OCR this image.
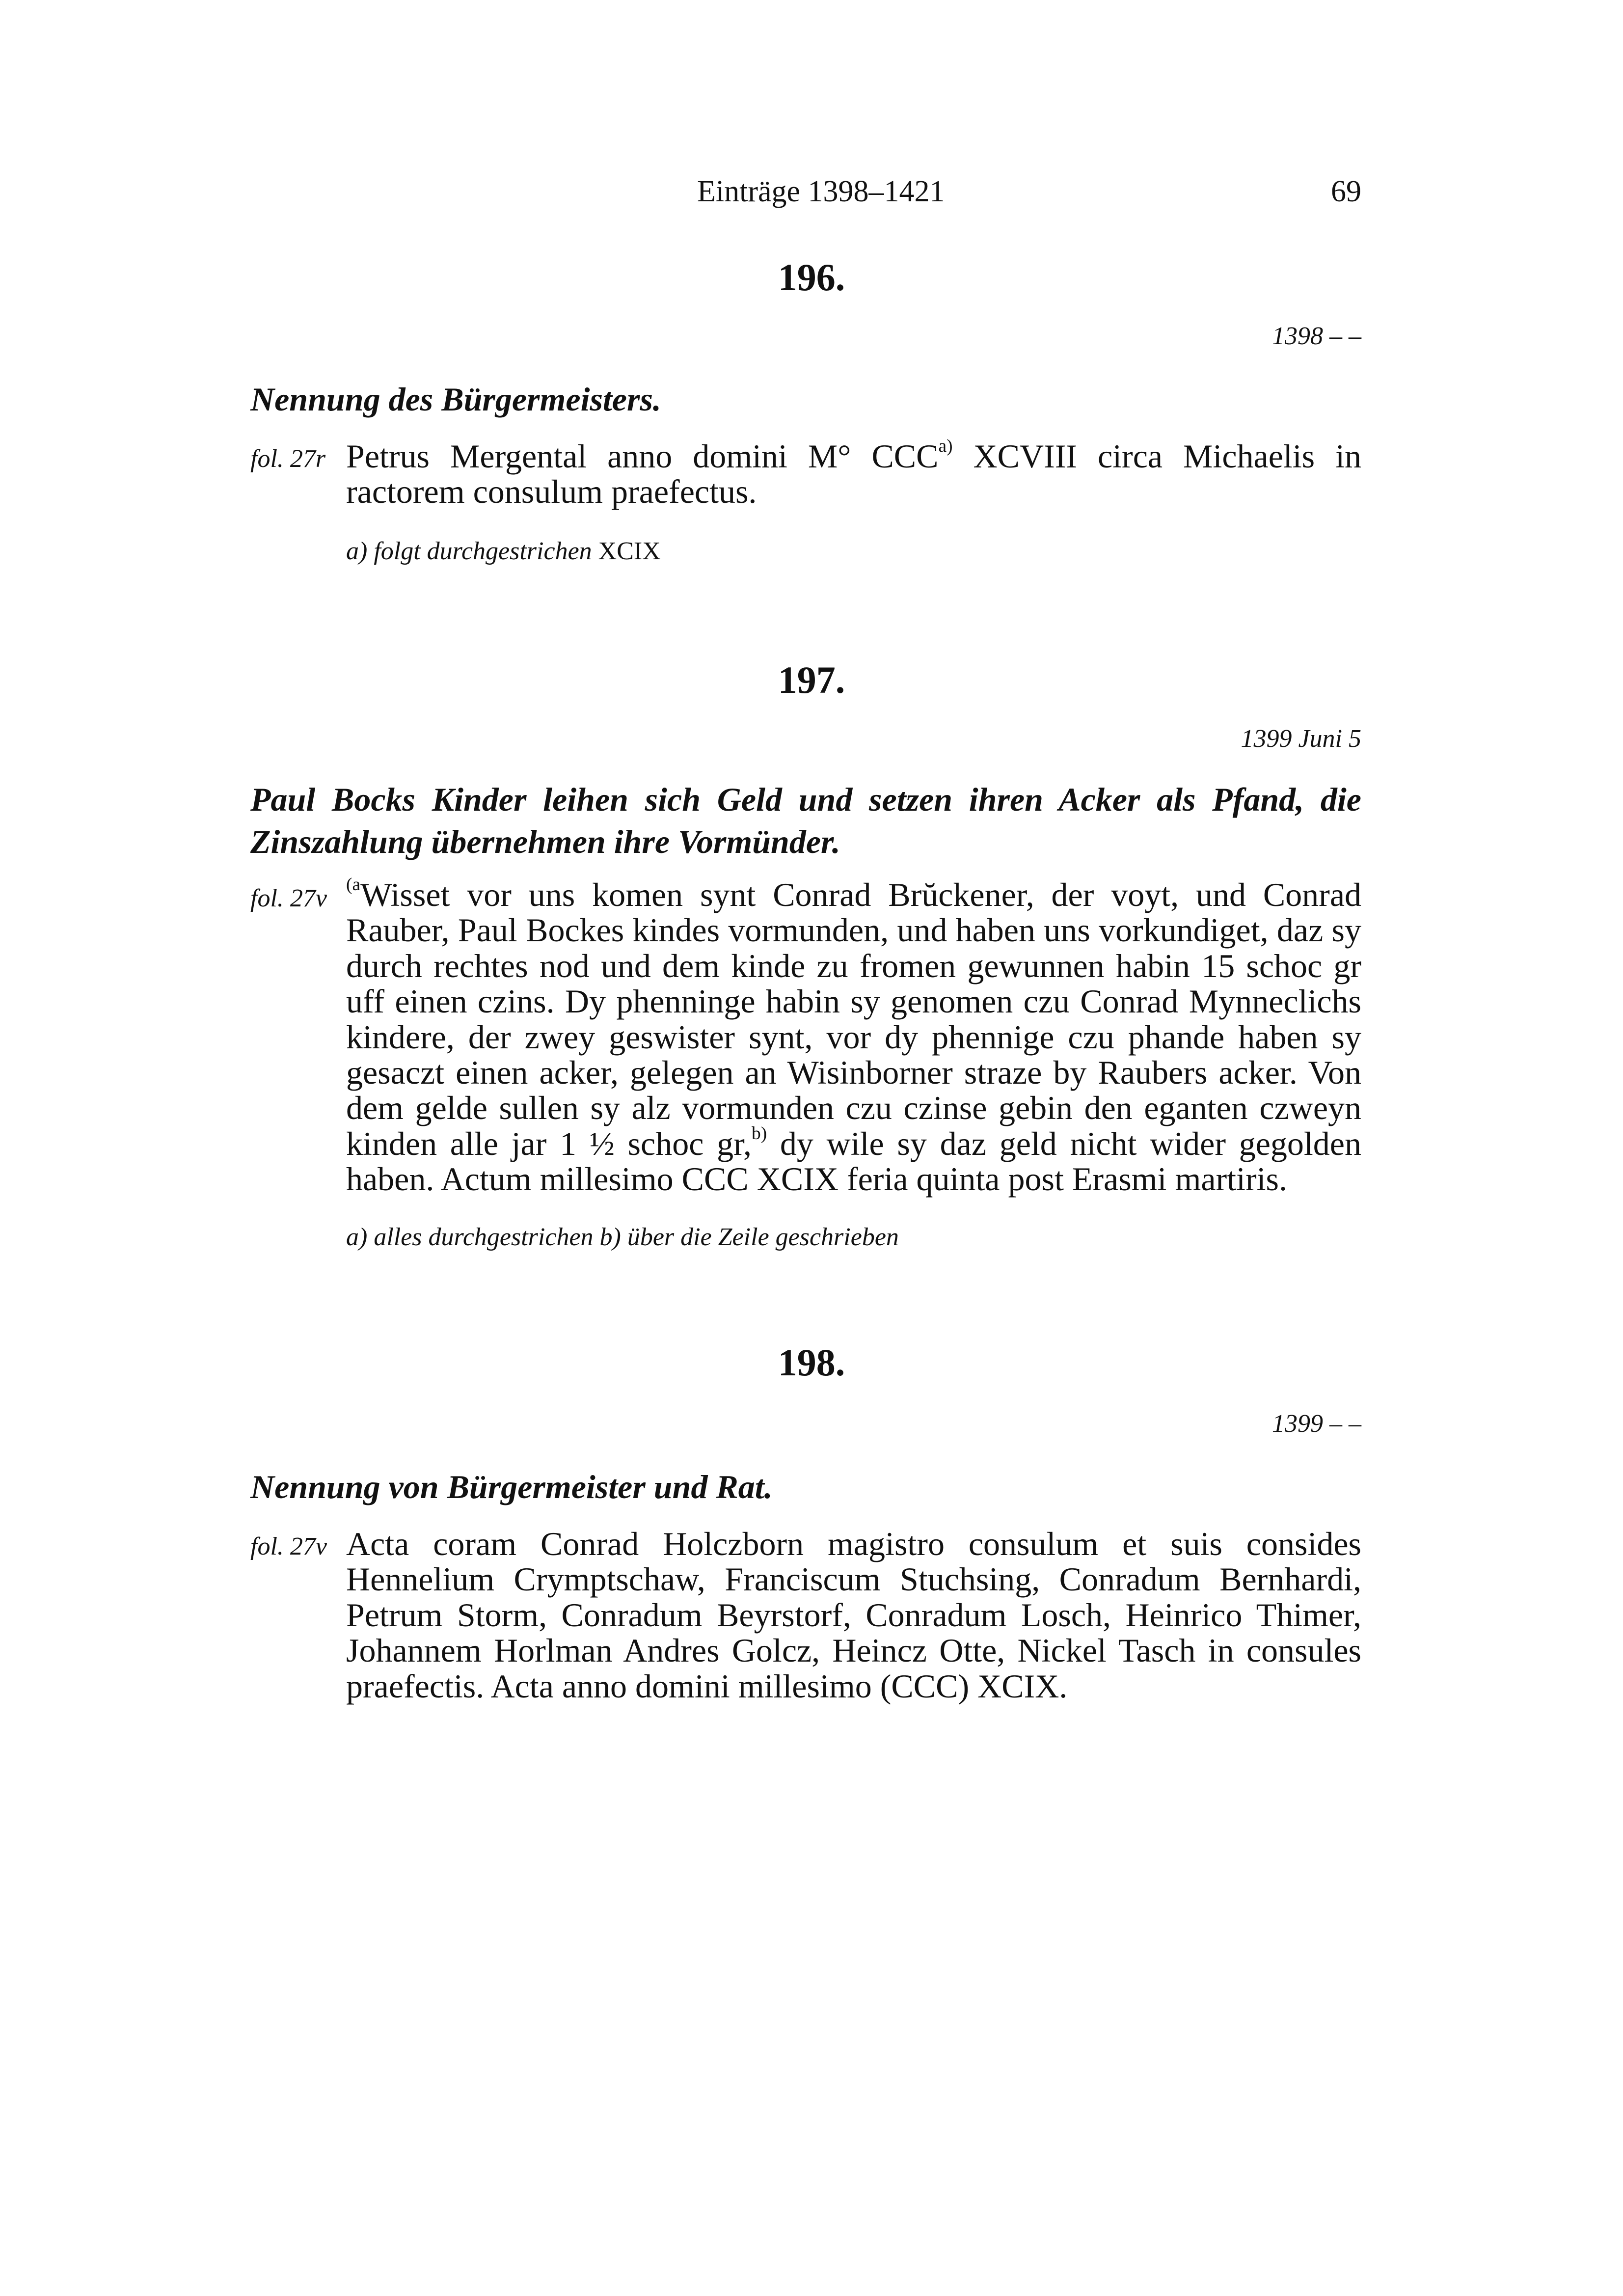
Einträge 1398–1421	69
196.
1398 – –
Nennung des Bürgermeisters.
fol. 27r Petrus Mergental anno domini M° CCC$^{a)}$ XCVIII circa Michaelis in ractorem consulum praefectus.
a) folgt durchgestrichen XCIX
197.
1399 Juni 5
Paul Bocks Kinder leihen sich Geld und setzen ihren Acker als Pfand, die Zinszahlung übernehmen ihre Vormünder.
fol. 27v $^{(a}$Wisset vor uns komen synt Conrad Brŭckener, der voyt, und Conrad Rauber, Paul Bockes kindes vormunden, und haben uns vorkundiget, daz sy durch rechtes nod und dem kinde zu fromen gewunnen habin 15 schoc gr uff einen czins. Dy phenninge habin sy genomen czu Conrad Mynneclichs kindere, der zwey geswister synt, vor dy phennige czu phande haben sy gesaczt einen acker, gelegen an Wisinborner straze by Raubers acker. Von dem gelde sullen sy alz vormunden czu czinse gebin den eganten czweyn kinden alle jar 1 ½ schoc gr,$^{b)}$ dy wile sy daz geld nicht wider gegolden haben. Actum millesimo CCC XCIX feria quinta post Erasmi martiris.
a) alles durchgestrichen b) über die Zeile geschrieben
198.
1399 – –
Nennung von Bürgermeister und Rat.
fol. 27v Acta coram Conrad Holczborn magistro consulum et suis consides Hennelium Crymptschaw, Franciscum Stuchsing, Conradum Bernhardi, Petrum Storm, Conradum Beyrstorf, Conradum Losch, Heinrico Thimer, Johannem Horlman Andres Golcz, Heincz Otte, Nickel Tasch in consules praefectis. Acta anno domini millesimo (CCC) XCIX.
